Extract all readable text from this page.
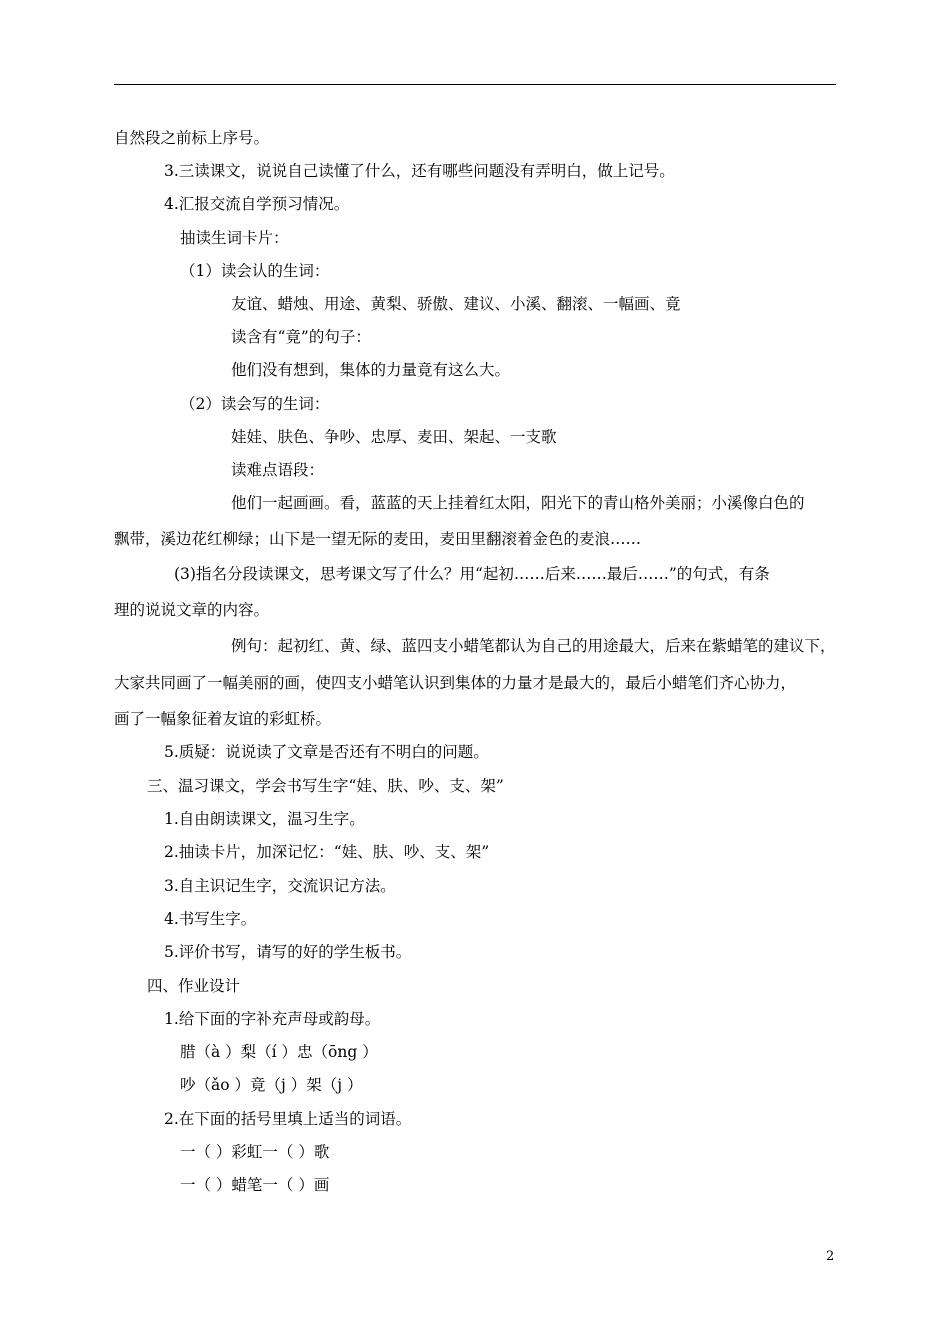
自然段之前标上序号。
3.三读课文，说说自己读懂了什么，还有哪些问题没有弄明白，做上记号。
4.汇报交流自学预习情况。
抽读生词卡片：
（1）读会认的生词：
友谊、蜡烛、用途、黄梨、骄傲、建议、小溪、翻滚、一幅画、竟
读含有“竟”的句子：
他们没有想到，集体的力量竟有这么大。
（2）读会写的生词：
娃娃、肤色、争吵、忠厚、麦田、架起、一支歌
读难点语段：
他们一起画画。看，蓝蓝的天上挂着红太阳，阳光下的青山格外美丽；小溪像白色的
飘带，溪边花红柳绿；山下是一望无际的麦田，麦田里翻滚着金色的麦浪……
(3)指名分段读课文，思考课文写了什么？用“起初……后来……最后……”的句式，有条
理的说说文章的内容。
例句：起初红、黄、绿、蓝四支小蜡笔都认为自己的用途最大，后来在紫蜡笔的建议下，
大家共同画了一幅美丽的画，使四支小蜡笔认识到集体的力量才是最大的，最后小蜡笔们齐心协力，
画了一幅象征着友谊的彩虹桥。
5.质疑：说说读了文章是否还有不明白的问题。
三、温习课文，学会书写生字“娃、肤、吵、支、架”
1.自由朗读课文，温习生字。
2.抽读卡片，加深记忆：“娃、肤、吵、支、架”
3.自主识记生字，交流识记方法。
4.书写生字。
5.评价书写，请写的好的学生板书。
四、作业设计
1.给下面的字补充声母或韵母。
腊（à ）梨（í ）忠（ōng ）
吵（ǎo ）竟（j ）架（j ）
2.在下面的括号里填上适当的词语。
一（ ）彩虹一（ ）歌
一（ ）蜡笔一（ ）画
2
